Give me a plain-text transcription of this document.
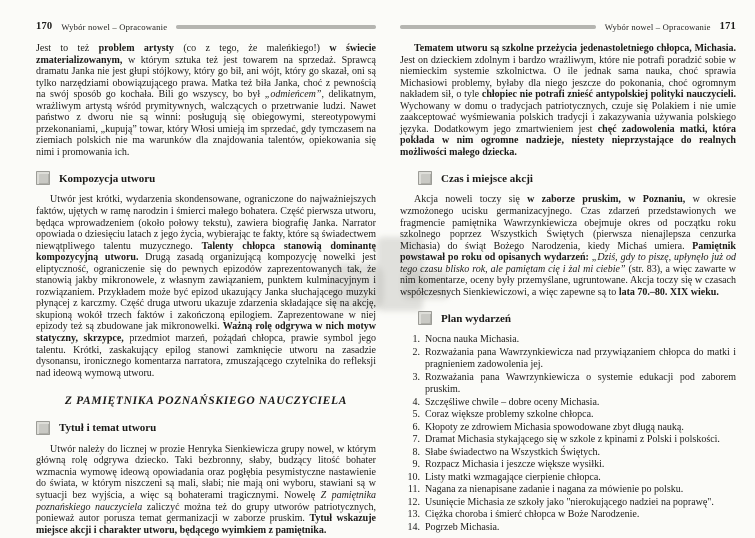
170 Wybór nowel – Opracowanie

Jest to też problem artysty (co z tego, że maleńkiego!) w świecie zmaterializowanym, w którym sztuka też jest towarem na sprzedaż. Sprawcą dramatu Janka nie jest głupi stójkowy, który go bił, ani wójt, który go skazał, oni są tylko narzędziami obowiązującego prawa. Matka też biła Janka, choć z pewnością na swój sposób go kochała. Bili go wszyscy, bo był „odmieńcem”, delikatnym, wrażliwym artystą wśród prymitywnych, walczących o przetrwanie ludzi. Nawet państwo z dworu nie są winni: posługują się obiegowymi, stereotypowymi przekonaniami, „kupują” towar, który Włosi umieją im sprzedać, gdy tymczasem na ziemiach polskich nie ma warunków dla znajdowania talentów, opiekowania się nimi i promowania ich.

Kompozycja utworu

Utwór jest krótki, wydarzenia skondensowane, ograniczone do najważniejszych faktów, ujętych w ramę narodzin i śmierci małego bohatera. Część pierwsza utworu, będąca wprowadzeniem (około połowy tekstu), zawiera biografię Janka. Narrator opowiada o dziesięciu latach z jego życia, wybierając te fakty, które są świadectwem niewątpliwego talentu muzycznego. Talenty chłopca stanowią dominantę kompozycyjną utworu. Drugą zasadą organizującą kompozycję nowelki jest eliptyczność, ograniczenie się do pewnych epizodów zaprezentowanych tak, że stanowią jakby mikronowele, z własnym zawiązaniem, punktem kulminacyjnym i rozwiązaniem. Przykładem może być epizod ukazujący Janka słuchającego muzyki płynącej z karczmy. Część druga utworu ukazuje zdarzenia składające się na akcję, skupioną wokół trzech faktów i zakończoną epilogiem. Zaprezentowane w niej epizody też są zbudowane jak mikronowelki. Ważną rolę odgrywa w nich motyw statyczny, skrzypce, przedmiot marzeń, pożądań chłopca, prawie symbol jego talentu. Krótki, zaskakujący epilog stanowi zamknięcie utworu na zasadzie dysonansu, ironicznego komentarza narratora, zmuszającego czytelnika do refleksji nad ideową wymową utworu.

Z PAMIĘTNIKA POZNAŃSKIEGO NAUCZYCIELA
Tytuł i temat utworu

Utwór należy do licznej w prozie Henryka Sienkiewicza grupy nowel, w którym główną rolę odgrywa dziecko. Taki bezbronny, słaby, budzący litość bohater wzmacnia wymowę ideową opowiadania oraz pogłębia pesymistyczne nastawienie do świata, w którym niszczeni są mali, słabi; nie mają oni wyboru, stawiani są w sytuacji bez wyjścia, a więc są bohaterami tragicznymi. Nowelę Z pamiętnika poznańskiego nauczyciela zaliczyć można też do grupy utworów patriotycznych, ponieważ autor porusza temat germanizacji w zaborze pruskim. Tytuł wskazuje miejsce akcji i charakter utworu, będącego wyimkiem z pamiętnika.

Wybór nowel – Opracowanie 171

Tematem utworu są szkolne przeżycia jedenastoletniego chłopca, Michasia. Jest on dzieckiem zdolnym i bardzo wrażliwym, które nie potrafi poradzić sobie w niemieckim systemie szkolnictwa. O ile jednak sama nauka, choć sprawia Michasiowi problemy, byłaby dla niego jeszcze do pokonania, choć ogromnym nakładem sił, o tyle chłopiec nie potrafi znieść antypolskiej polityki nauczycieli. Wychowany w domu o tradycjach patriotycznych, czuje się Polakiem i nie umie zaakceptować wyśmiewania polskich tradycji i zakazywania używania polskiego języka. Dodatkowym jego zmartwieniem jest chęć zadowolenia matki, która pokłada w nim ogromne nadzieje, niestety nieprzystające do realnych możliwości małego dziecka.

Czas i miejsce akcji

Akcja noweli toczy się w zaborze pruskim, w Poznaniu, w okresie wzmożonego ucisku germanizacyjnego. Czas zdarzeń przedstawionych we fragmencie pamiętnika Wawrzynkiewicza obejmuje okres od początku roku szkolnego poprzez Wszystkich Świętych (pierwsza nienajlepsza cenzurka Michasia) do świąt Bożego Narodzenia, kiedy Michaś umiera. Pamiętnik powstawał po roku od opisanych wydarzeń: „Dziś, gdy to piszę, upłynęło już od tego czasu blisko rok, ale pamiętam cię i żal mi ciebie” (str. 83), a więc zawarte w nim komentarze, oceny były przemyślane, ugruntowane. Akcja toczy się w czasach współczesnych Sienkiewiczowi, a więc zapewne są to lata 70.–80. XIX wieku.

Plan wydarzeń
1. Nocna nauka Michasia.
2. Rozważania pana Wawrzynkiewicza nad przywiązaniem chłopca do matki i pragnieniem zadowolenia jej.
3. Rozważania pana Wawrzynkiewicza o systemie edukacji pod zaborem pruskim.
4. Szczęśliwe chwile – dobre oceny Michasia.
5. Coraz większe problemy szkolne chłopca.
6. Kłopoty ze zdrowiem Michasia spowodowane zbyt długą nauką.
7. Dramat Michasia stykającego się w szkole z kpinami z Polski i polskości.
8. Słabe świadectwo na Wszystkich Świętych.
9. Rozpacz Michasia i jeszcze większe wysiłki.
10. Listy matki wzmagające cierpienie chłopca.
11. Nagana za nienapisane zadanie i nagana za mówienie po polsku.
12. Usunięcie Michasia ze szkoły jako "nierokującego nadziei na poprawę".
13. Ciężka choroba i śmierć chłopca w Boże Narodzenie.
14. Pogrzeb Michasia.
